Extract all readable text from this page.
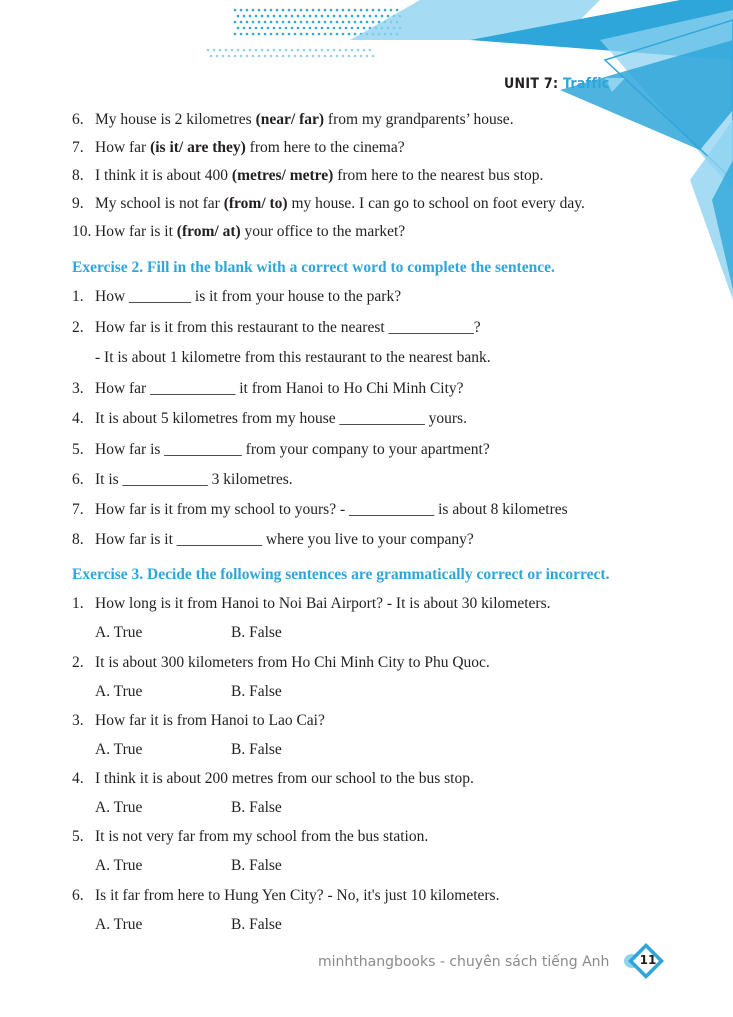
UNIT 7: Traffic
6. My house is 2 kilometres (near/ far) from my grandparents’ house.
7. How far (is it/ are they) from here to the cinema?
8. I think it is about 400 (metres/ metre) from here to the nearest bus stop.
9. My school is not far (from/ to) my house. I can go to school on foot every day.
10. How far is it (from/ at) your office to the market?
Exercise 2. Fill in the blank with a correct word to complete the sentence.
1. How ________ is it from your house to the park?
2. How far is it from this restaurant to the nearest ___________?
- It is about 1 kilometre from this restaurant to the nearest bank.
3. How far ___________ it from Hanoi to Ho Chi Minh City?
4. It is about 5 kilometres from my house ___________ yours.
5. How far is __________ from your company to your apartment?
6. It is ___________ 3 kilometres.
7. How far is it from my school to yours? - ___________ is about 8 kilometres
8. How far is it ___________ where you live to your company?
Exercise 3. Decide the following sentences are grammatically correct or incorrect.
1. How long is it from Hanoi to Noi Bai Airport? - It is about 30 kilometers.
A. True	B. False
2. It is about 300 kilometers from Ho Chi Minh City to Phu Quoc.
A. True	B. False
3. How far it is from Hanoi to Lao Cai?
A. True	B. False
4. I think it is about 200 metres from our school to the bus stop.
A. True	B. False
5. It is not very far from my school from the bus station.
A. True	B. False
6. Is it far from here to Hung Yen City? - No, it's just 10 kilometers.
A. True	B. False
minhthangbooks - chuyên sách tiếng Anh	11
